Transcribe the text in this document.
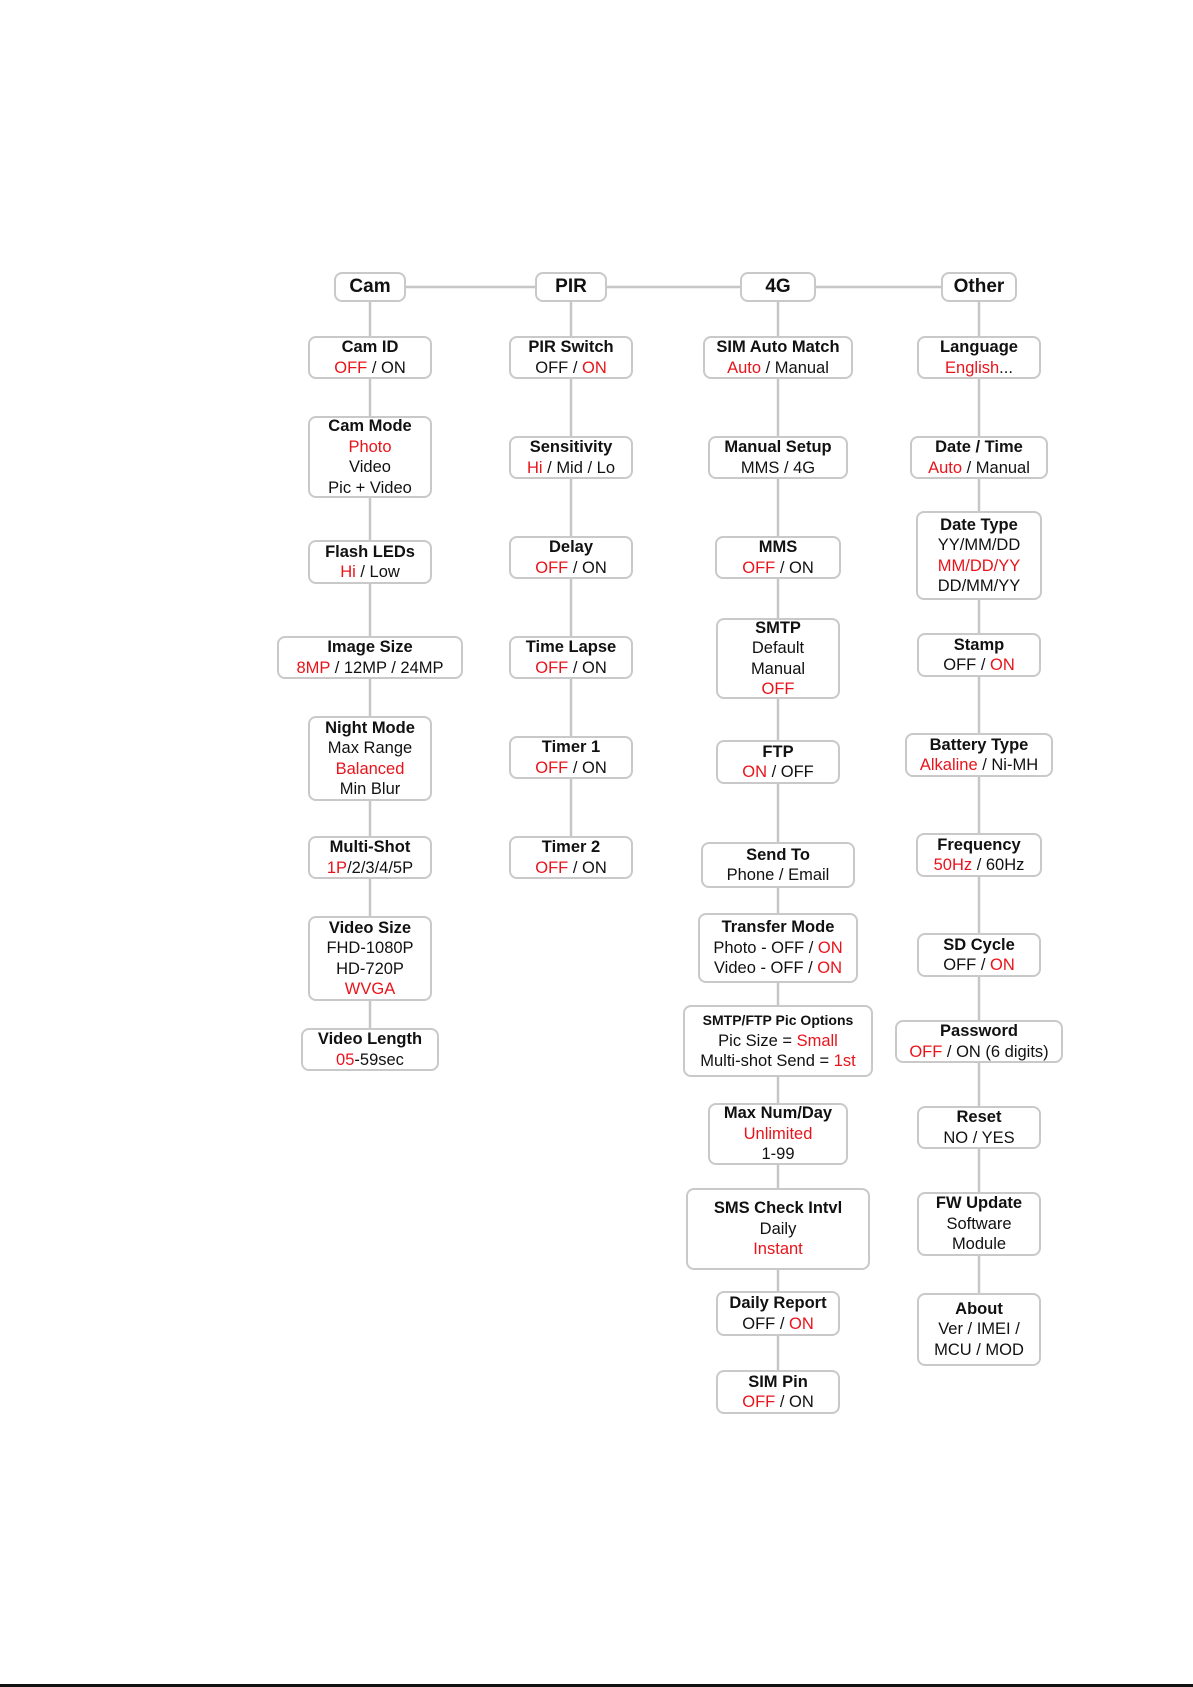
Cam
Cam ID
OFF / ON
Cam Mode
Photo
Video
Pic + Video
Flash LEDs
Hi / Low
Image Size
8MP / 12MP / 24MP
Night Mode
Max Range
Balanced
Min Blur
Multi-Shot
1P/2/3/4/5P
Video Size
FHD-1080P
HD-720P
WVGA
Video Length
05-59sec
PIR
PIR Switch
OFF / ON
Sensitivity
Hi / Mid / Lo
Delay
OFF / ON
Time Lapse
OFF / ON
Timer 1
OFF / ON
Timer 2
OFF / ON
4G
SIM Auto Match
Auto / Manual
Manual Setup
MMS / 4G
MMS
OFF / ON
SMTP
Default
Manual
OFF
FTP
ON / OFF
Send To
Phone / Email
Transfer Mode
Photo - OFF / ON
Video - OFF / ON
SMTP/FTP Pic Options
Pic Size = Small
Multi-shot Send = 1st
Max Num/Day
Unlimited
1-99
SMS Check Intvl
Daily
Instant
Daily Report
OFF / ON
SIM Pin
OFF / ON
Other
Language
English...
Date / Time
Auto / Manual
Date Type
YY/MM/DD
MM/DD/YY
DD/MM/YY
Stamp
OFF / ON
Battery Type
Alkaline / Ni-MH
Frequency
50Hz / 60Hz
SD Cycle
OFF / ON
Password
OFF / ON (6 digits)
Reset
NO / YES
FW Update
Software
Module
About
Ver / IMEI /
MCU / MOD
